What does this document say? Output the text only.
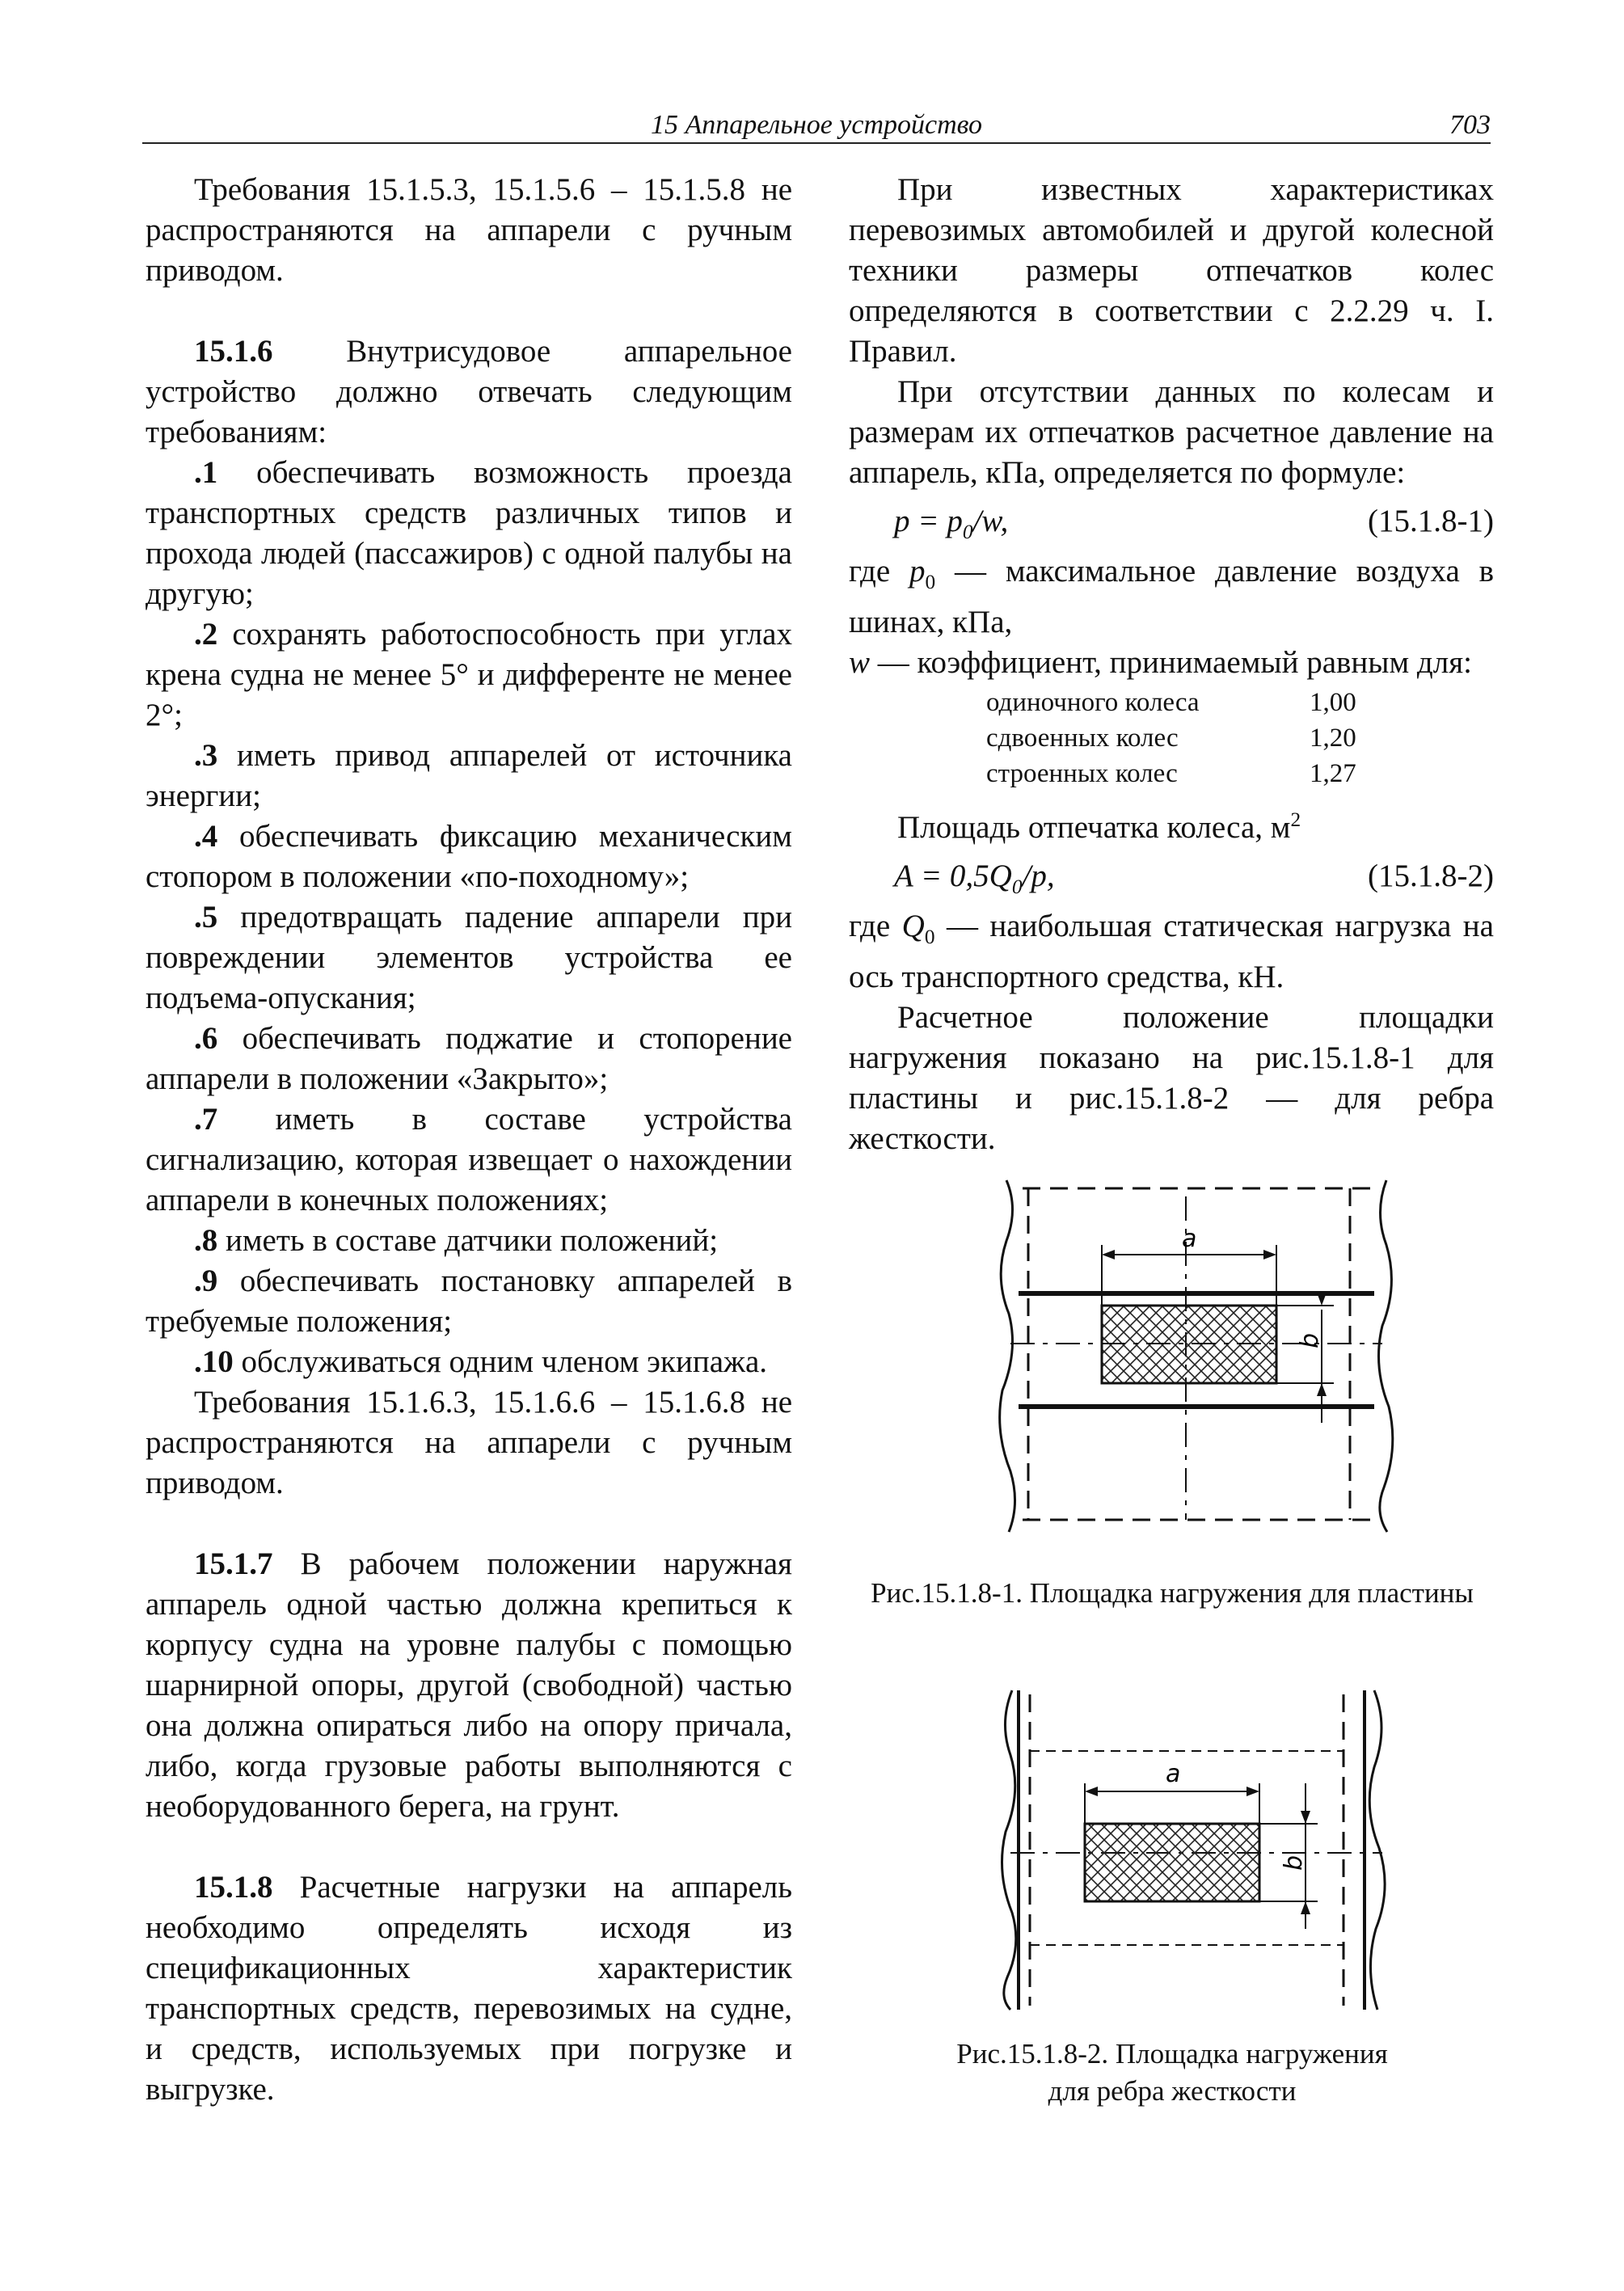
15 Аппарельное устройство	703

Требования 15.1.5.3, 15.1.5.6 – 15.1.5.8 не распространяются на аппарели с ручным приводом.

15.1.6 Внутрисудовое аппарельное устройство должно отвечать следующим требованиям:

.1 обеспечивать возможность проезда транспортных средств различных типов и прохода людей (пассажиров) с одной палубы на другую;

.2 сохранять работоспособность при углах крена судна не менее 5° и дифференте не менее 2°;

.3 иметь привод аппарелей от источника энергии;

.4 обеспечивать фиксацию механическим стопором в положении «по-походному»;

.5 предотвращать падение аппарели при повреждении элементов устройства ее подъема-опускания;

.6 обеспечивать поджатие и стопорение аппарели в положении «Закрыто»;

.7 иметь в составе устройства сигнализацию, которая извещает о нахождении аппарели в конечных положениях;

.8 иметь в составе датчики положений;

.9 обеспечивать постановку аппарелей в требуемые положения;

.10 обслуживаться одним членом экипажа.

Требования 15.1.6.3, 15.1.6.6 – 15.1.6.8 не распространяются на аппарели с ручным приводом.

15.1.7 В рабочем положении наружная аппарель одной частью должна крепиться к корпусу судна на уровне палубы с помощью шарнирной опоры, другой (свободной) частью она должна опираться либо на опору причала, либо, когда грузовые работы выполняются с необорудованного берега, на грунт.

15.1.8 Расчетные нагрузки на аппарель необходимо определять исходя из спецификационных характеристик транспортных средств, перевозимых на судне, и средств, используемых при погрузке и выгрузке.

При известных характеристиках перевозимых автомобилей и другой колесной техники размеры отпечатков колес определяются в соответствии с 2.2.29 ч. I. Правил.

При отсутствии данных по колесам и размерам их отпечатков расчетное давление на аппарель, кПа, определяется по формуле:

$p = p_0/w$,	(15.1.8-1)

где $p_0$ — максимальное давление воздуха в шинах, кПа,

w — коэффициент, принимаемый равным для:

одиночного колеса	1,00
сдвоенных колес	1,20
строенных колес	1,27

Площадь отпечатка колеса, $м^2$

$A = 0,5Q_0/p$,	(15.1.8-2)

где $Q_0$ — наибольшая статическая нагрузка на ось транспортного средства, кН.

Расчетное положение площадки нагружения показано на рис.15.1.8-1 для пластины и рис.15.1.8-2 — для ребра жесткости.

a
b
Рис.15.1.8-1. Площадка нагружения для пластины
a
b
Рис.15.1.8-2. Площадка нагружения
для ребра жесткости
